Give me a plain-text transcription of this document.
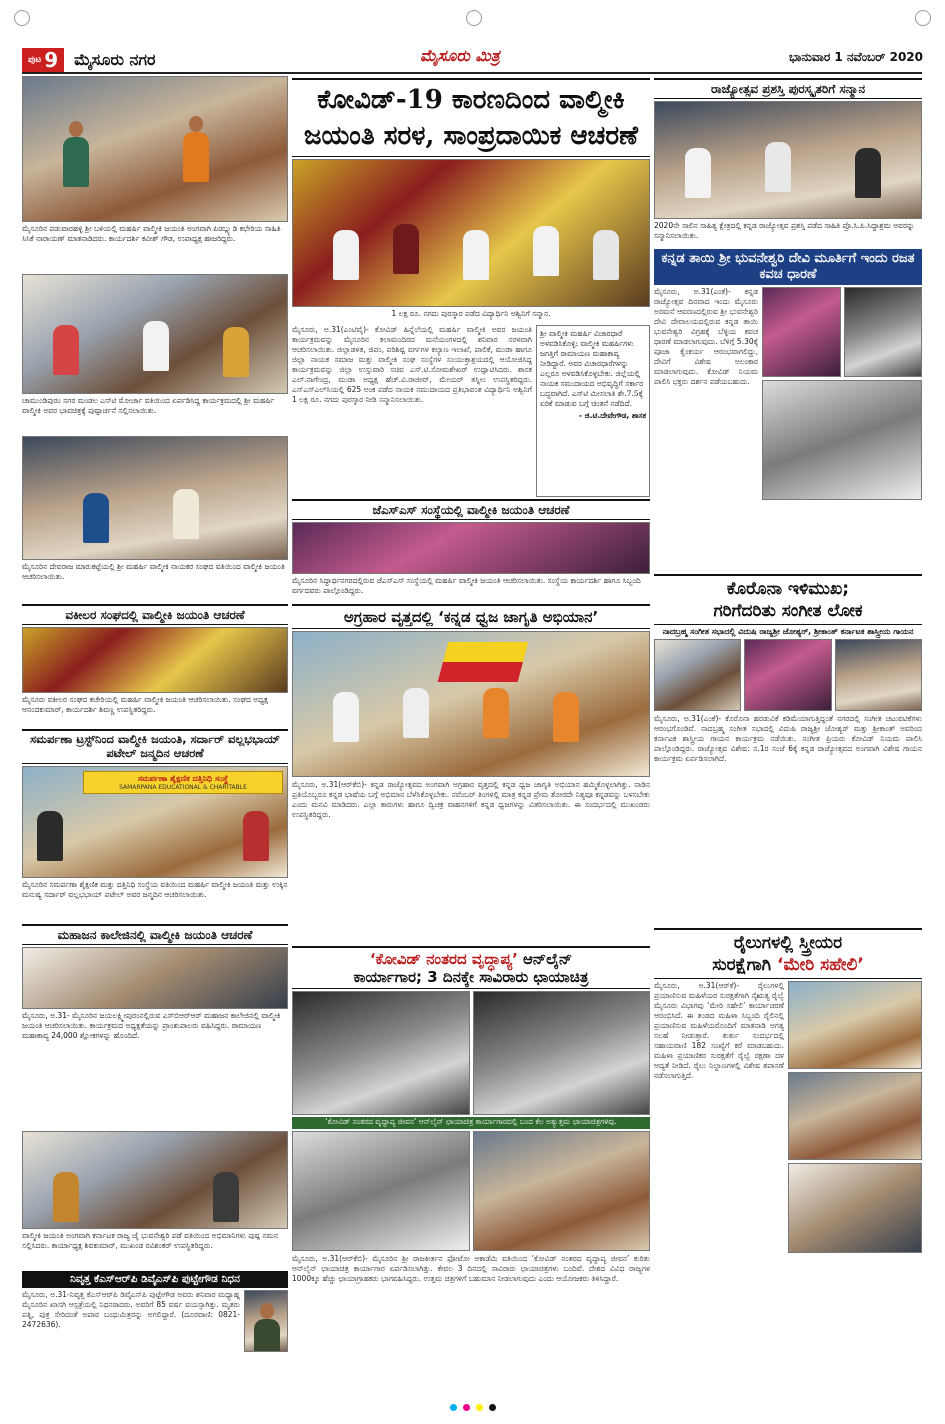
ಪುಟ 9 ಮೈಸೂರು ನಗರ	ಮೈಸೂರು ಮಿತ್ರ	ಭಾನುವಾರ 1 ನವೆಂಬರ್ 2020
ಮೈಸೂರಿನ ಪಡುವಾರಹಳ್ಳಿ ಶ್ರೀ ಬಳಿಯಲ್ಲಿ ಮಹರ್ಷಿ ವಾಲ್ಮೀಕಿ ಜಯಂತಿ ಅಂಗವಾಗಿ ಪಿಡಬ್ಲ್ಯುಡಿ ಕಛೇರಿಯ ಸಾಹಿತಿ ಸಿಸಿಕೆ ನಾರಾಯಣ್ ಮಾತನಾಡಿದರು. ಕಾರ್ಯದರ್ಶಿ ಕವೀಶ್ ಗೌಡ, ಉಪಾಧ್ಯಕ್ಷ ಹಾಜರಿದ್ದರು.
ಚಾಮುಂಡಿಪುರಂ ನಗರ ಮಂಡಲ ಎಸ್‌ಟಿ ಮೋರ್ಚಾ ವತಿಯಿಂದ ಏರ್ಪಡಿಸಿದ್ದ ಕಾರ್ಯಕ್ರಮದಲ್ಲಿ ಶ್ರೀ ಮಹರ್ಷಿ ವಾಲ್ಮೀಕಿ ಅವರ ಭಾವಚಿತ್ರಕ್ಕೆ ಪುಷ್ಪಾರ್ಚನೆ ಸಲ್ಲಿಸಲಾಯಿತು.
ಮೈಸೂರಿನ ದೇವರಾಜ ಮಾರುಕಟ್ಟೆಯಲ್ಲಿ ಶ್ರೀ ಮಹರ್ಷಿ ವಾಲ್ಮೀಕಿ ನಾಯಕರ ಸಂಘದ ವತಿಯಿಂದ ವಾಲ್ಮೀಕಿ ಜಯಂತಿ ಆಚರಿಸಲಾಯಿತು.
ವಕೀಲರ ಸಂಘದಲ್ಲಿ ವಾಲ್ಮೀಕಿ ಜಯಂತಿ ಆಚರಣೆ
ಮೈಸೂರು ವಕೀಲರ ಸಂಘದ ಕಚೇರಿಯಲ್ಲಿ ಮಹರ್ಷಿ ವಾಲ್ಮೀಕಿ ಜಯಂತಿ ಆಚರಿಸಲಾಯಿತು. ಸಂಘದ ಅಧ್ಯಕ್ಷ ಆನಂದಕುಮಾರ್, ಕಾರ್ಯದರ್ಶಿ ಶಿವಣ್ಣ ಉಪಸ್ಥಿತರಿದ್ದರು.
ಸಮರ್ಪಣಾ ಟ್ರಸ್ಟ್‌ನಿಂದ ವಾಲ್ಮೀಕಿ ಜಯಂತಿ, ಸರ್ದಾರ್ ವಲ್ಲಭಭಾಯ್ ಪಟೇಲ್ ಜನ್ಮದಿನ ಆಚರಣೆ
ಸಮರ್ಪಣಾ ಶೈಕ್ಷಣಿಕ ದತ್ತಿನಿಧಿ ಸಂಸ್ಥೆ
SAMARPANA EDUCATIONAL & CHARITABLE
ಮೈಸೂರಿನ ಸಮರ್ಪಣಾ ಶೈಕ್ಷಣಿಕ ಮತ್ತು ದತ್ತಿನಿಧಿ ಸಂಸ್ಥೆಯ ವತಿಯಿಂದ ಮಹರ್ಷಿ ವಾಲ್ಮೀಕಿ ಜಯಂತಿ ಮತ್ತು ಉಕ್ಕಿನ ಮನುಷ್ಯ ಸರ್ದಾರ್ ವಲ್ಲಭಭಾಯ್ ಪಟೇಲ್ ಅವರ ಜನ್ಮದಿನ ಆಚರಿಸಲಾಯಿತು.
ಮಹಾಜನ ಕಾಲೇಜಿನಲ್ಲಿ ವಾಲ್ಮೀಕಿ ಜಯಂತಿ ಆಚರಣೆ
ಮೈಸೂರು, ಅ.31- ಮೈಸೂರಿನ ಜಯಲಕ್ಷ್ಮೀಪುರಂನಲ್ಲಿರುವ ಎಸ್‌ಬಿಆರ್‌ಆರ್ ಮಹಾಜನ ಕಾಲೇಜಿನಲ್ಲಿ ವಾಲ್ಮೀಕಿ ಜಯಂತಿ ಆಚರಿಸಲಾಯಿತು. ಕಾರ್ಯಕ್ರಮದ ಅಧ್ಯಕ್ಷತೆಯನ್ನು ಪ್ರಾಂಶುಪಾಲರು ವಹಿಸಿದ್ದರು. ರಾಮಾಯಣ ಮಹಾಕಾವ್ಯ 24,000 ಶ್ಲೋಕಗಳನ್ನು ಹೊಂದಿದೆ.
ವಾಲ್ಮೀಕಿ ಜಯಂತಿ ಅಂಗವಾಗಿ ಕರ್ನಾಟಕ ರಾಜ್ಯ ಜೈ ಭುವನೇಶ್ವರಿ ಪಡೆ ವತಿಯಿಂದ ಅಭಿಮಾನಿಗಳು ಪುಷ್ಪ ನಮನ ಸಲ್ಲಿಸಿದರು. ಕಾರ್ಯಾಧ್ಯಕ್ಷ ಶಿವಕುಮಾರ್, ಮುಖಂಡ ರವಿಶಂಕರ್ ಉಪಸ್ಥಿತರಿದ್ದರು.
ನಿವೃತ್ತ ಕೆಎಸ್‌ಆರ್‌ಪಿ ಡಿವೈಎಸ್‌ಪಿ ಪುಟ್ಟೇಗೌಡ ನಿಧನ
ಮೈಸೂರು, ಅ.31-ನಿವೃತ್ತ ಕೆಎಸ್‌ಆರ್‌ಪಿ ಡಿವೈಎಸ್‌ಪಿ ಪುಟ್ಟೇಗೌಡ ಅವರು ಶನಿವಾರ ಮಧ್ಯಾಹ್ನ ಮೈಸೂರಿನ ಖಾಸಗಿ ಆಸ್ಪತ್ರೆಯಲ್ಲಿ ನಿಧನರಾದರು. ಅವರಿಗೆ 85 ವರ್ಷ ವಯಸ್ಸಾಗಿತ್ತು. ಮೃತರು ಪತ್ನಿ, ಪುತ್ರ ಸೇರಿದಂತೆ ಅಪಾರ ಬಂಧುಮಿತ್ರರನ್ನು ಅಗಲಿದ್ದಾರೆ. (ದೂರವಾಣಿ: 0821-2472636).
ಕೋವಿಡ್-19 ಕಾರಣದಿಂದ ವಾಲ್ಮೀಕಿ ಜಯಂತಿ ಸರಳ, ಸಾಂಪ್ರದಾಯಿಕ ಆಚರಣೆ
1 ಲಕ್ಷ ರೂ. ನಗದು ಪುರಸ್ಕಾರ ಪಡೆದ ವಿದ್ಯಾರ್ಥಿನಿ ಅಶ್ವಿನಿಗೆ ಸನ್ಮಾನ.
ಮೈಸೂರು, ಅ.31(ಎಂಟಿವೈ)- ಕೋವಿಡ್ ಹಿನ್ನೆಲೆಯಲ್ಲಿ ಮಹರ್ಷಿ ವಾಲ್ಮೀಕಿ ಅವರ ಜಯಂತಿ ಕಾರ್ಯಕ್ರಮವನ್ನು ಮೈಸೂರಿನ ಕಲಾಮಂದಿರದ ಮನೆಯಂಗಳದಲ್ಲಿ ಶನಿವಾರ ಸರಳವಾಗಿ ಆಚರಿಸಲಾಯಿತು. ಜಿಲ್ಲಾಡಳಿತ, ಜಿಪಂ, ಪರಿಶಿಷ್ಟ ವರ್ಗಗಳ ಕಲ್ಯಾಣ ಇಲಾಖೆ, ಪಾಲಿಕೆ, ಮುಡಾ ಹಾಗೂ ಜಿಲ್ಲಾ ನಾಯಕ ಸಮಾಜ ಮತ್ತು ವಾಲ್ಮೀಕಿ ಸಂಘ ಸಂಸ್ಥೆಗಳ ಸಂಯುಕ್ತಾಶ್ರಯದಲ್ಲಿ ಆಯೋಜಿಸಿದ್ದ ಕಾರ್ಯಕ್ರಮವನ್ನು ಜಿಲ್ಲಾ ಉಸ್ತುವಾರಿ ಸಚಿವ ಎಸ್.ಟಿ.ಸೋಮಶೇಖರ್ ಉದ್ಘಾಟಿಸಿದರು. ಶಾಸಕ ಎಲ್.ನಾಗೇಂದ್ರ, ಮುಡಾ ಅಧ್ಯಕ್ಷ ಹೆಚ್.ವಿ.ರಾಜೀವ್, ಮೇಯರ್ ತಸ್ನೀಂ ಉಪಸ್ಥಿತರಿದ್ದರು. ಎಸ್‌ಎಸ್‌ಎಲ್‌ಸಿಯಲ್ಲಿ 625 ಅಂಕ ಪಡೆದ ನಾಯಕ ಸಮುದಾಯದ ಪ್ರತಿಭಾವಂತ ವಿದ್ಯಾರ್ಥಿನಿ ಅಶ್ವಿನಿಗೆ 1 ಲಕ್ಷ ರೂ. ನಗದು ಪುರಸ್ಕಾರ ನೀಡಿ ಸನ್ಮಾನಿಸಲಾಯಿತು.
ಶ್ರೀ ವಾಲ್ಮೀಕಿ ಮಹರ್ಷಿ ವಿಚಾರಧಾರೆ ಅಳವಡಿಸಿಕೊಳ್ಳಿ: ವಾಲ್ಮೀಕಿ ಮಹರ್ಷಿಗಳು ಜಗತ್ತಿಗೆ ರಾಮಾಯಣ ಮಹಾಕಾವ್ಯ ನೀಡಿದ್ದಾರೆ. ಅವರ ವಿಚಾರಧಾರೆಗಳನ್ನು ಎಲ್ಲರೂ ಅಳವಡಿಸಿಕೊಳ್ಳಬೇಕು. ಜಿಲ್ಲೆಯಲ್ಲಿ ನಾಯಕ ಸಮುದಾಯದ ಅಭಿವೃದ್ಧಿಗೆ ಸರ್ಕಾರ ಬದ್ಧವಾಗಿದೆ. ಎಸ್‌ಟಿ ಮೀಸಲಾತಿ ಶೇ.7.5ಕ್ಕೆ ಏರಿಕೆ ಮಾಡುವ ಬಗ್ಗೆ ಚಿಂತನೆ ನಡೆದಿದೆ.
- ಜಿ.ಟಿ.ದೇವೇಗೌಡ, ಶಾಸಕ
ಜೆಎಸ್‌ಎಸ್ ಸಂಸ್ಥೆಯಲ್ಲಿ ವಾಲ್ಮೀಕಿ ಜಯಂತಿ ಆಚರಣೆ
ಮೈಸೂರಿನ ಸಿದ್ಧಾರ್ಥನಗರದಲ್ಲಿರುವ ಜೆಎಸ್‌ಎಸ್ ಸಂಸ್ಥೆಯಲ್ಲಿ ಮಹರ್ಷಿ ವಾಲ್ಮೀಕಿ ಜಯಂತಿ ಆಚರಿಸಲಾಯಿತು. ಸಂಸ್ಥೆಯ ಕಾರ್ಯದರ್ಶಿ ಹಾಗೂ ಸಿಬ್ಬಂದಿ ವರ್ಗದವರು ಪಾಲ್ಗೊಂಡಿದ್ದರು.
ಅಗ್ರಹಾರ ವೃತ್ತದಲ್ಲಿ ‘ಕನ್ನಡ ಧ್ವಜ ಜಾಗೃತಿ ಅಭಿಯಾನ’
ಮೈಸೂರು, ಅ.31(ಆರ್‌ಕೆಬಿ)- ಕನ್ನಡ ರಾಜ್ಯೋತ್ಸವದ ಅಂಗವಾಗಿ ಅಗ್ರಹಾರ ವೃತ್ತದಲ್ಲಿ ಕನ್ನಡ ಧ್ವಜ ಜಾಗೃತಿ ಅಭಿಯಾನ ಹಮ್ಮಿಕೊಳ್ಳಲಾಗಿತ್ತು. ನಾಡಿನ ಪ್ರತಿಯೊಬ್ಬರೂ ಕನ್ನಡ ಭಾಷೆಯ ಬಗ್ಗೆ ಅಭಿಮಾನ ಬೆಳೆಸಿಕೊಳ್ಳಬೇಕು. ನವೆಂಬರ್ ತಿಂಗಳಲ್ಲಿ ಮಾತ್ರ ಕನ್ನಡ ಪ್ರೇಮ ತೋರದೇ ನಿತ್ಯವೂ ಕನ್ನಡವನ್ನು ಬಳಸಬೇಕು ಎಂದು ಮನವಿ ಮಾಡಿದರು. ಎಲ್ಲಾ ಕಾರುಗಳು ಹಾಗೂ ದ್ವಿಚಕ್ರ ವಾಹನಗಳಿಗೆ ಕನ್ನಡ ಧ್ವಜಗಳನ್ನು ವಿತರಿಸಲಾಯಿತು. ಈ ಸಂದರ್ಭದಲ್ಲಿ ಮುಖಂಡರು ಉಪಸ್ಥಿತರಿದ್ದರು.
‘ಕೋವಿಡ್ ನಂತರದ ವೃದ್ಧಾಪ್ಯ’ ಆನ್‌ಲೈನ್
ಕಾರ್ಯಾಗಾರ; 3 ದಿನಕ್ಕೇ ಸಾವಿರಾರು ಛಾಯಾಚಿತ್ರ
‘ಕೋವಿಡ್ ನಂತರದ ವೃದ್ಧಾಪ್ಯ ಜೀವನ’ ಆನ್‌ಲೈನ್ ಛಾಯಾಚಿತ್ರ ಕಾರ್ಯಾಗಾರದಲ್ಲಿ ಬಂದ ಕೆಲ ಅತ್ಯುತ್ತಮ ಛಾಯಾಚಿತ್ರಗಳಿವು.
ಮೈಸೂರು, ಅ.31(ಆರ್‌ಕೆಬಿ)- ಮೈಸೂರಿನ ಶ್ರೀ ರಾಜಕೀರ್ತನ ಫೋಟೋ ಅಕಾಡೆಮಿ ವತಿಯಿಂದ ‘ಕೋವಿಡ್ ನಂತರದ ವೃದ್ಧಾಪ್ಯ ಜೀವನ’ ಕುರಿತು ಆನ್‌ಲೈನ್ ಛಾಯಾಚಿತ್ರ ಕಾರ್ಯಾಗಾರ ಏರ್ಪಡಿಸಲಾಗಿತ್ತು. ಕೇವಲ 3 ದಿನದಲ್ಲಿ ಸಾವಿರಾರು ಛಾಯಾಚಿತ್ರಗಳು ಬಂದಿವೆ. ದೇಶದ ವಿವಿಧ ರಾಜ್ಯಗಳ 1000ಕ್ಕೂ ಹೆಚ್ಚು ಛಾಯಾಗ್ರಾಹಕರು ಭಾಗವಹಿಸಿದ್ದರು. ಉತ್ತಮ ಚಿತ್ರಗಳಿಗೆ ಬಹುಮಾನ ನೀಡಲಾಗುವುದು ಎಂದು ಆಯೋಜಕರು ತಿಳಿಸಿದ್ದಾರೆ.
ರಾಜ್ಯೋತ್ಸವ ಪ್ರಶಸ್ತಿ ಪುರಸ್ಕೃತರಿಗೆ ಸನ್ಮಾನ
2020ನೇ ಸಾಲಿನ ಸಾಹಿತ್ಯ ಕ್ಷೇತ್ರದಲ್ಲಿ ಕನ್ನಡ ರಾಜ್ಯೋತ್ಸವ ಪ್ರಶಸ್ತಿ ಪಡೆದ ಸಾಹಿತಿ ಪ್ರೊ.ಸಿ.ಪಿ.ಸಿದ್ದಾಶ್ರಮ ಅವರನ್ನು ಸನ್ಮಾನಿಸಲಾಯಿತು.
ಕನ್ನಡ ತಾಯಿ ಶ್ರೀ ಭುವನೇಶ್ವರಿ ದೇವಿ ಮೂರ್ತಿಗೆ ಇಂದು ರಜತ ಕವಚ ಧಾರಣೆ
ಮೈಸೂರು, ಅ.31(ಎಂಕೆ)- ಕನ್ನಡ ರಾಜ್ಯೋತ್ಸವ ದಿನವಾದ ಇಂದು ಮೈಸೂರು ಅರಮನೆ ಆವರಣದಲ್ಲಿರುವ ಶ್ರೀ ಭುವನೇಶ್ವರಿ ದೇವಿ ದೇವಾಲಯದಲ್ಲಿರುವ ಕನ್ನಡ ತಾಯಿ ಭುವನೇಶ್ವರಿ ವಿಗ್ರಹಕ್ಕೆ ಬೆಳ್ಳಿಯ ಕವಚ ಧಾರಣೆ ಮಾಡಲಾಗುವುದು. ಬೆಳಿಗ್ಗೆ 5.30ಕ್ಕೆ ಪೂಜಾ ಕೈಂಕರ್ಯ ಆರಂಭವಾಗಲಿದ್ದು, ದೇವಿಗೆ ವಿಶೇಷ ಅಲಂಕಾರ ಮಾಡಲಾಗುವುದು. ಕೋವಿಡ್ ನಿಯಮ ಪಾಲಿಸಿ ಭಕ್ತರು ದರ್ಶನ ಪಡೆಯಬಹುದು.
ಕೊರೊನಾ ಇಳಿಮುಖ;
ಗರಿಗೆದರಿತು ಸಂಗೀತ ಲೋಕ
ನಾದಬ್ರಹ್ಮ ಸಂಗೀತ ಸಭಾದಲ್ಲಿ ವಿದುಷಿ ರಾಜ್ಯಶ್ರೀ ಜೋಶ್ಯರ್, ಶ್ರೀಕಾಂತ್ ಕರ್ನಾಟಕ ಶಾಸ್ತ್ರೀಯ ಗಾಯನ
ಮೈಸೂರು, ಅ.31(ಎಂಕೆ)- ಕೊರೊನಾ ಹರಡುವಿಕೆ ಕಡಿಮೆಯಾಗುತ್ತಿದ್ದಂತೆ ನಗರದಲ್ಲಿ ಸಂಗೀತ ಚಟುವಟಿಕೆಗಳು ಆರಂಭಗೊಂಡಿವೆ. ನಾದಬ್ರಹ್ಮ ಸಂಗೀತ ಸಭಾದಲ್ಲಿ ವಿದುಷಿ ರಾಜ್ಯಶ್ರೀ ಜೋಶ್ಯರ್ ಮತ್ತು ಶ್ರೀಕಾಂತ್ ಅವರಿಂದ ಕರ್ನಾಟಕ ಶಾಸ್ತ್ರೀಯ ಗಾಯನ ಕಾರ್ಯಕ್ರಮ ನಡೆಯಿತು. ಸಂಗೀತ ಪ್ರಿಯರು ಕೋವಿಡ್ ನಿಯಮ ಪಾಲಿಸಿ ಪಾಲ್ಗೊಂಡಿದ್ದರು. ರಾಜ್ಯೋತ್ಸವ ವಿಶೇಷ: ನ.1ರ ಸಂಜೆ 6ಕ್ಕೆ ಕನ್ನಡ ರಾಜ್ಯೋತ್ಸವದ ಅಂಗವಾಗಿ ವಿಶೇಷ ಗಾಯನ ಕಾರ್ಯಕ್ರಮ ಏರ್ಪಡಿಸಲಾಗಿದೆ.
ರೈಲುಗಳಲ್ಲಿ ಸ್ತ್ರೀಯರ
ಸುರಕ್ಷೆಗಾಗಿ ‘ಮೇರಿ ಸಹೇಲಿ’
ಮೈಸೂರು, ಅ.31(ಆರ್‌ಕೆ)- ರೈಲುಗಳಲ್ಲಿ ಪ್ರಯಾಣಿಸುವ ಮಹಿಳೆಯರ ಸುರಕ್ಷತೆಗಾಗಿ ನೈಋತ್ಯ ರೈಲ್ವೆ ಮೈಸೂರು ವಿಭಾಗವು ‘ಮೇರಿ ಸಹೇಲಿ’ ಕಾರ್ಯಾಚರಣೆ ಆರಂಭಿಸಿದೆ. ಈ ತಂಡದ ಮಹಿಳಾ ಸಿಬ್ಬಂದಿ ರೈಲಿನಲ್ಲಿ ಪ್ರಯಾಣಿಸುವ ಮಹಿಳೆಯರೊಂದಿಗೆ ಮಾತನಾಡಿ ಅಗತ್ಯ ಸಲಹೆ ನೀಡುತ್ತಾರೆ. ತುರ್ತು ಸಂದರ್ಭದಲ್ಲಿ ಸಹಾಯವಾಣಿ 182 ಸಂಖ್ಯೆಗೆ ಕರೆ ಮಾಡಬಹುದು. ಮಹಿಳಾ ಪ್ರಯಾಣಿಕರ ಸುರಕ್ಷತೆಗೆ ರೈಲ್ವೆ ರಕ್ಷಣಾ ದಳ ಆದ್ಯತೆ ನೀಡಿದೆ. ರೈಲು ನಿಲ್ದಾಣಗಳಲ್ಲಿ ವಿಶೇಷ ತಪಾಸಣೆ ನಡೆಸಲಾಗುತ್ತಿದೆ.
